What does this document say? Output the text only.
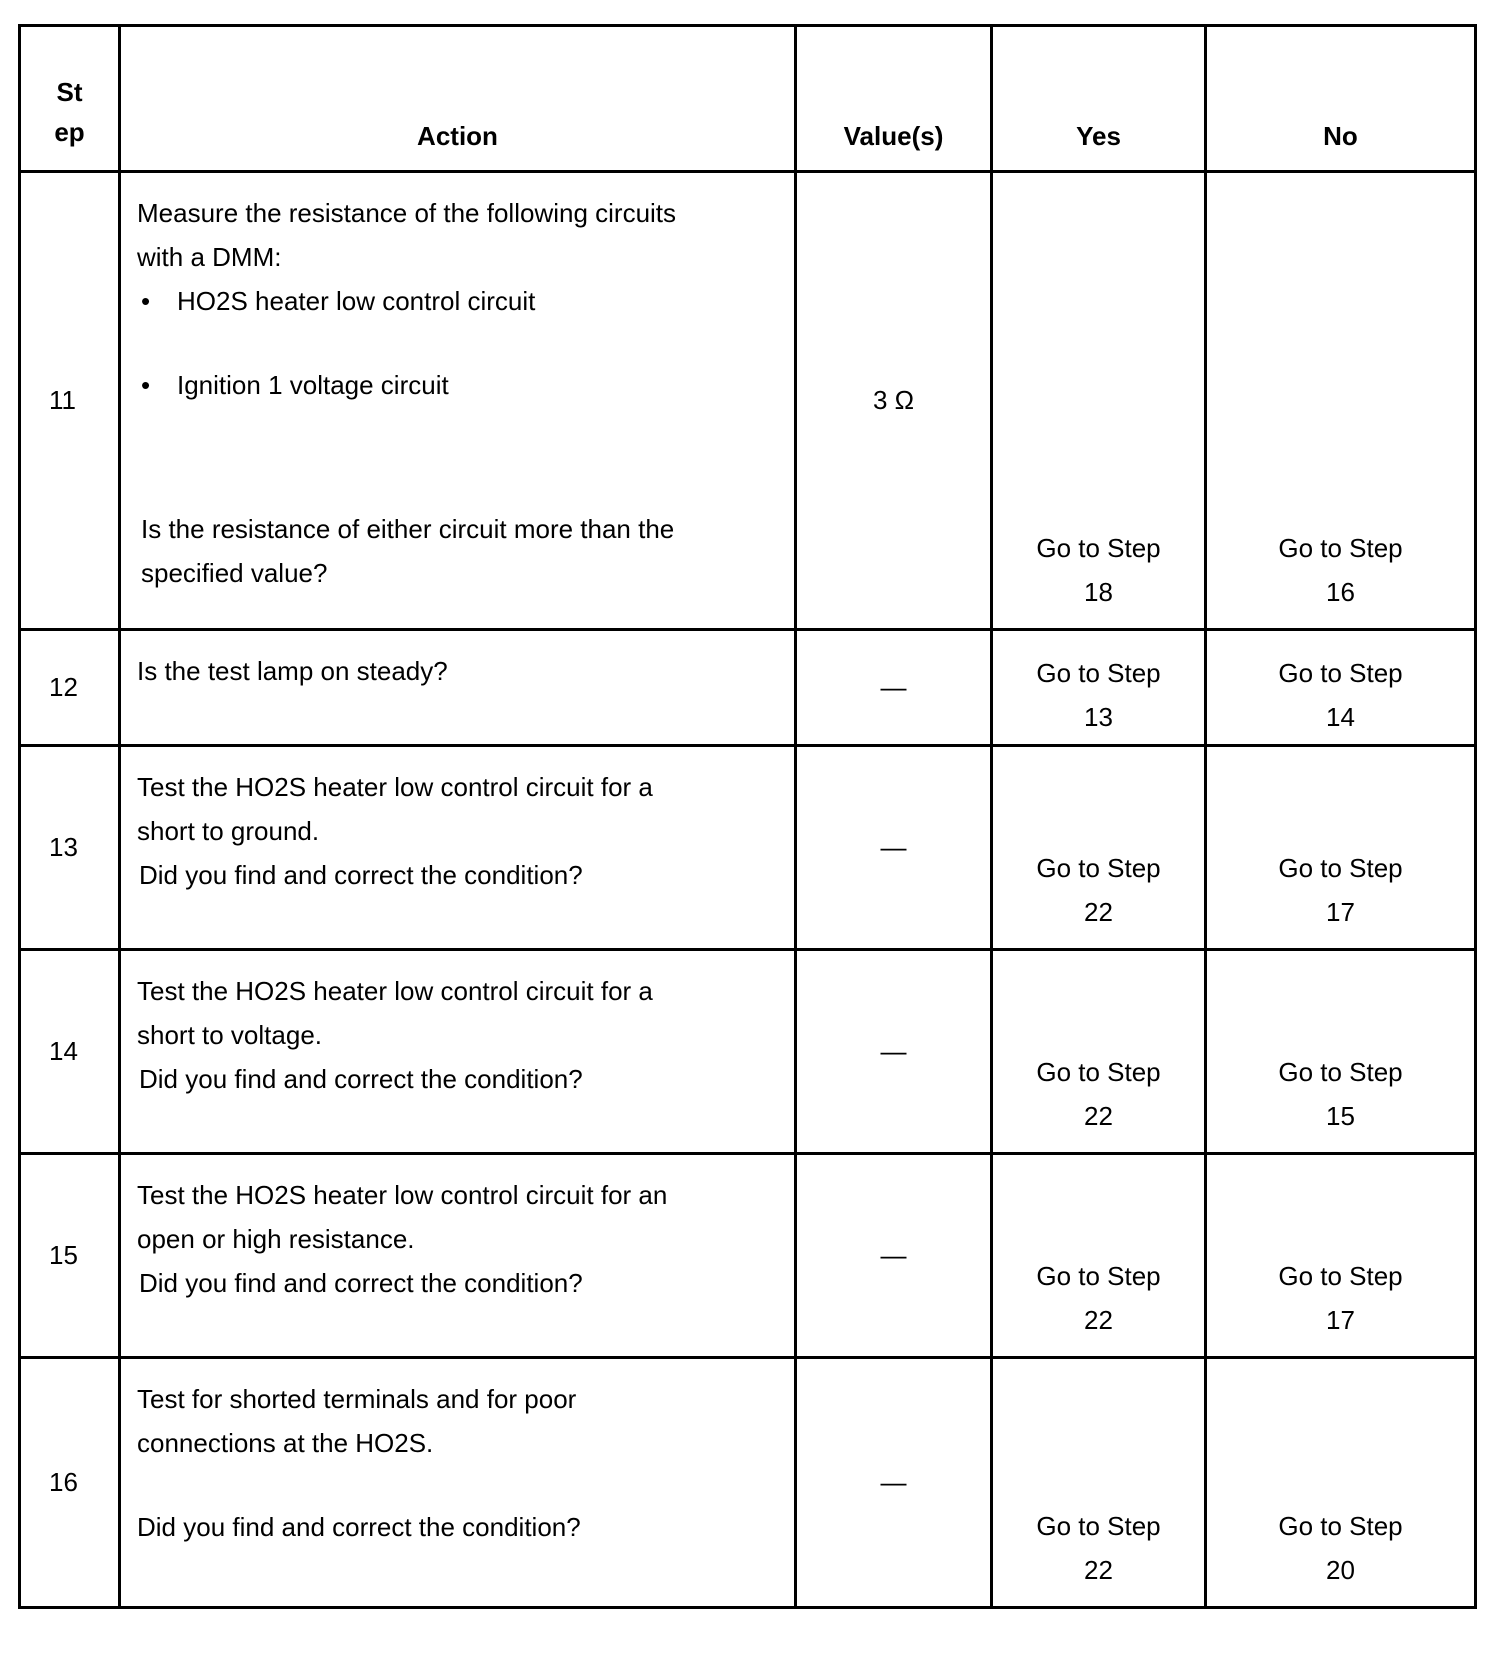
St
ep	Action	Value(s)	Yes	No
11	Measure the resistance of the following circuits with a DMM:
• HO2S heater low control circuit
• Ignition 1 voltage circuit
Is the resistance of either circuit more than the specified value?	3 Ω	Go to Step 18	Go to Step 16

12	Is the test lamp on steady?	—	Go to Step 13	Go to Step 14

13	Test the HO2S heater low control circuit for a short to ground.
Did you find and correct the condition?	—	Go to Step 22	Go to Step 17

14	Test the HO2S heater low control circuit for a short to voltage.
Did you find and correct the condition?	—	Go to Step 22	Go to Step 15

15	Test the HO2S heater low control circuit for an open or high resistance.
Did you find and correct the condition?	—	Go to Step 22	Go to Step 17

16	Test for shorted terminals and for poor connections at the HO2S.
Did you find and correct the condition?	—	Go to Step 22	Go to Step 20
